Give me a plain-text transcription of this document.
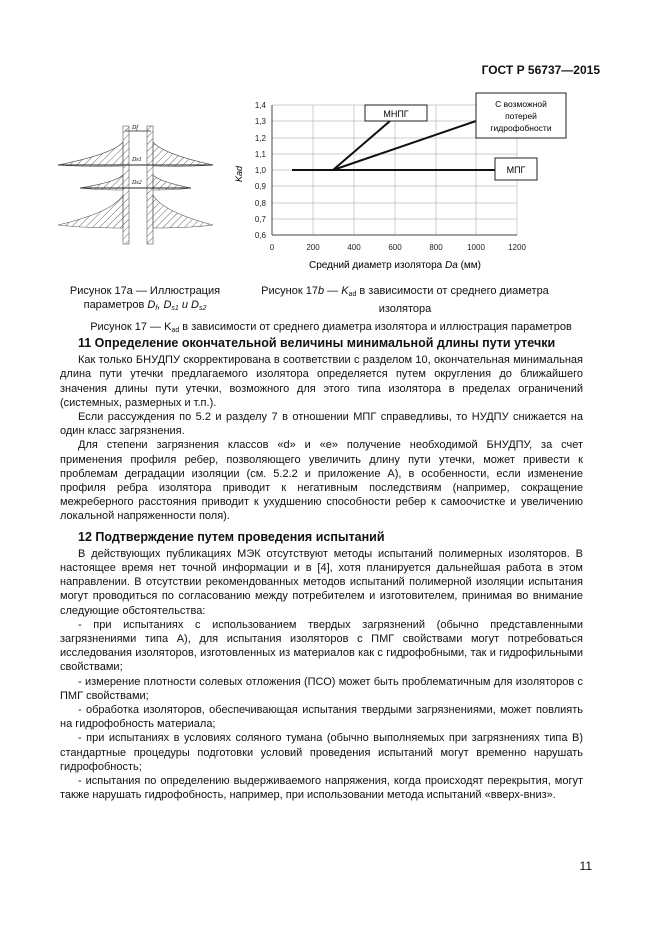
ГОСТ Р 56737—2015
Df
Ds1
Ds2
1,4
1,3
1,2
1,1
1,0
0,9
0,8
0,7
0,6
0	200	400	600	800	1000	1200
Kad
МНПГ
С возможной
потерей
гидрофобности
МПГ
Средний диаметр изолятора Da (мм)
Рисунок 17a — Иллюстрация
параметров $D_f$, $D_{s1}$ и $D_{s2}$
Рисунок 17b — $K_{ad}$ в зависимости от среднего диаметра
изолятора
Рисунок 17 — $K_{ad}$ в зависимости от среднего диаметра изолятора и иллюстрация параметров
11 Определение окончательной величины минимальной длины пути утечки

Как только БНУДПУ скорректирована в соответствии с разделом 10, окончательная минимальная длина пути утечки предлагаемого изолятора определяется путем округления до ближайшего значения длины пути утечки, возможного для этого типа изолятора в пределах ограничений (системных, размерных и т.п.).

Если рассуждения по 5.2 и разделу 7 в отношении МПГ справедливы, то НУДПУ снижается на один класс загрязнения.

Для степени загрязнения классов «d» и «e» получение необходимой БНУДПУ, за счет применения профиля ребер, позволяющего увеличить длину пути утечки, может привести к проблемам деградации изоляции (см. 5.2.2 и приложение А), в особенности, если изменение профиля ребра изолятора приводит к негативным последствиям (например, сокращение межреберного расстояния приводит к ухудшению способности ребер к самоочистке и увеличению локальной напряженности поля).

12 Подтверждение путем проведения испытаний

В действующих публикациях МЭК отсутствуют методы испытаний полимерных изоляторов. В настоящее время нет точной информации и в [4], хотя планируется дальнейшая работа в этом направлении. В отсутствии рекомендованных методов испытаний полимерной изоляции испытания могут проводиться по согласованию между потребителем и изготовителем, принимая во внимание следующие обстоятельства:

- при испытаниях с использованием твердых загрязнений (обычно представленными загрязнениями типа А), для испытания изоляторов с ПМГ свойствами могут потребоваться исследования изоляторов, изготовленных из материалов как с гидрофобными, так и гидрофильными свойствами;

- измерение плотности солевых отложения (ПСО) может быть проблематичным для изоляторов с ПМГ свойствами;

- обработка изоляторов, обеспечивающая испытания твердыми загрязнениями, может повлиять на гидрофобность материала;

- при испытаниях в условиях соляного тумана (обычно выполняемых при загрязнениях типа В) стандартные процедуры подготовки условий проведения испытаний могут временно нарушать гидрофобность;

- испытания по определению выдерживаемого напряжения, когда происходят перекрытия, могут также нарушать гидрофобность, например, при использовании метода испытаний «вверх-вниз».

11
